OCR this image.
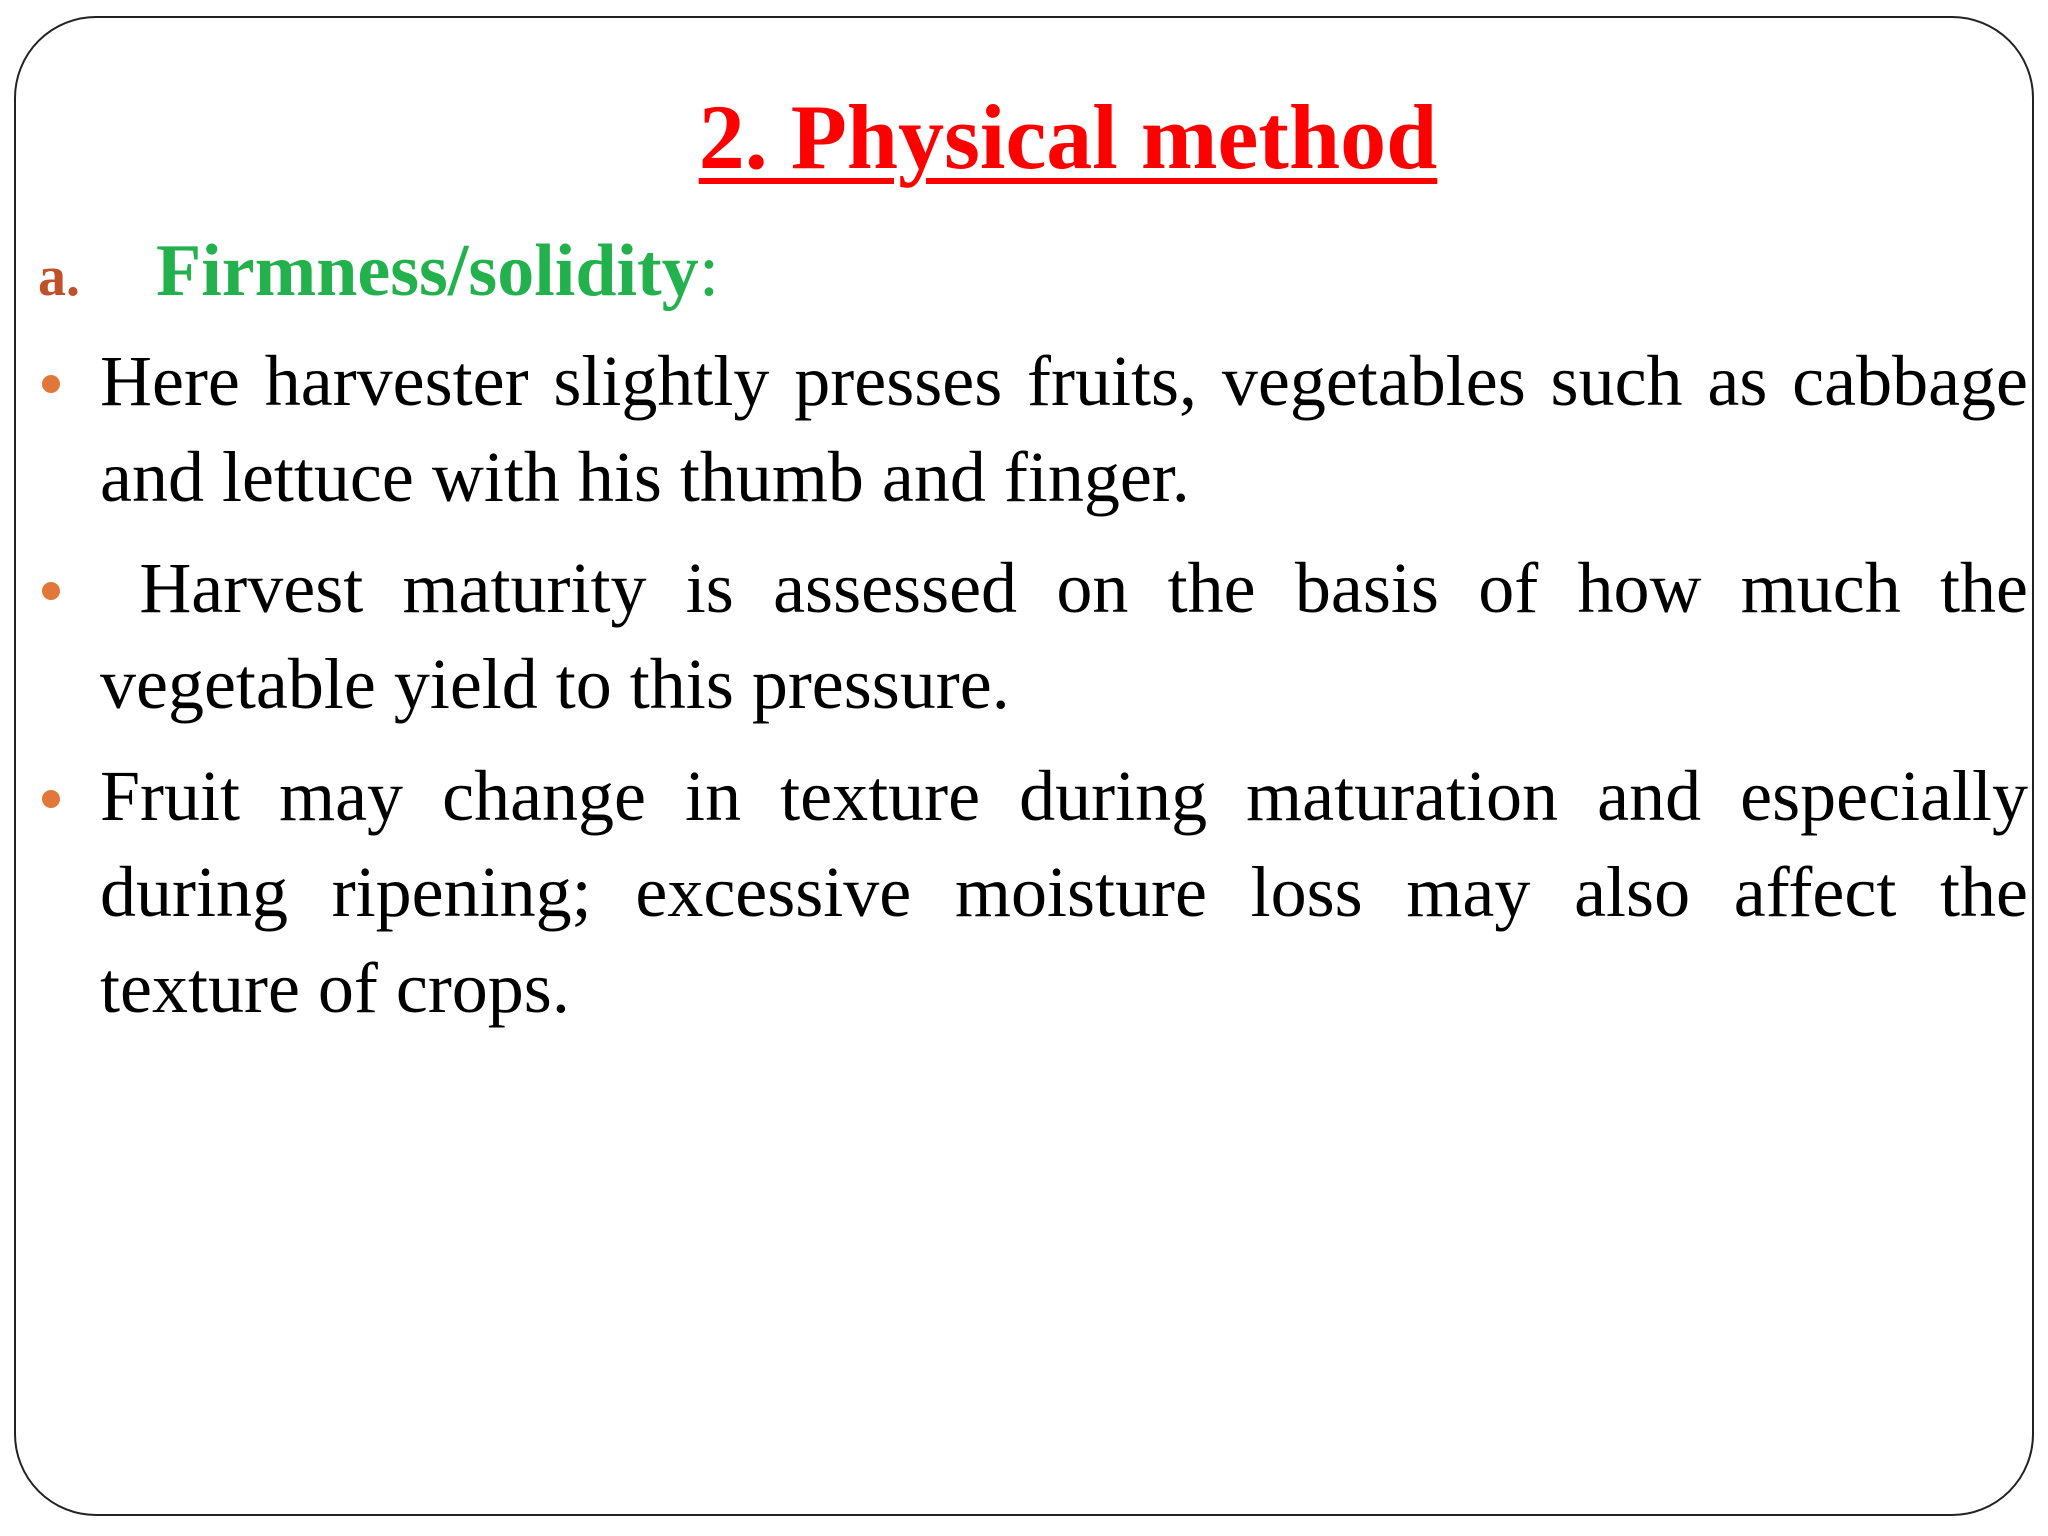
2. Physical method
a. Firmness/solidity:
Here harvester slightly presses fruits, vegetables such as cabbage and lettuce with his thumb and finger.
Harvest maturity is assessed on the basis of how much the vegetable yield to this pressure.
Fruit may change in texture during maturation and especially during ripening; excessive moisture loss may also affect the texture of crops.
